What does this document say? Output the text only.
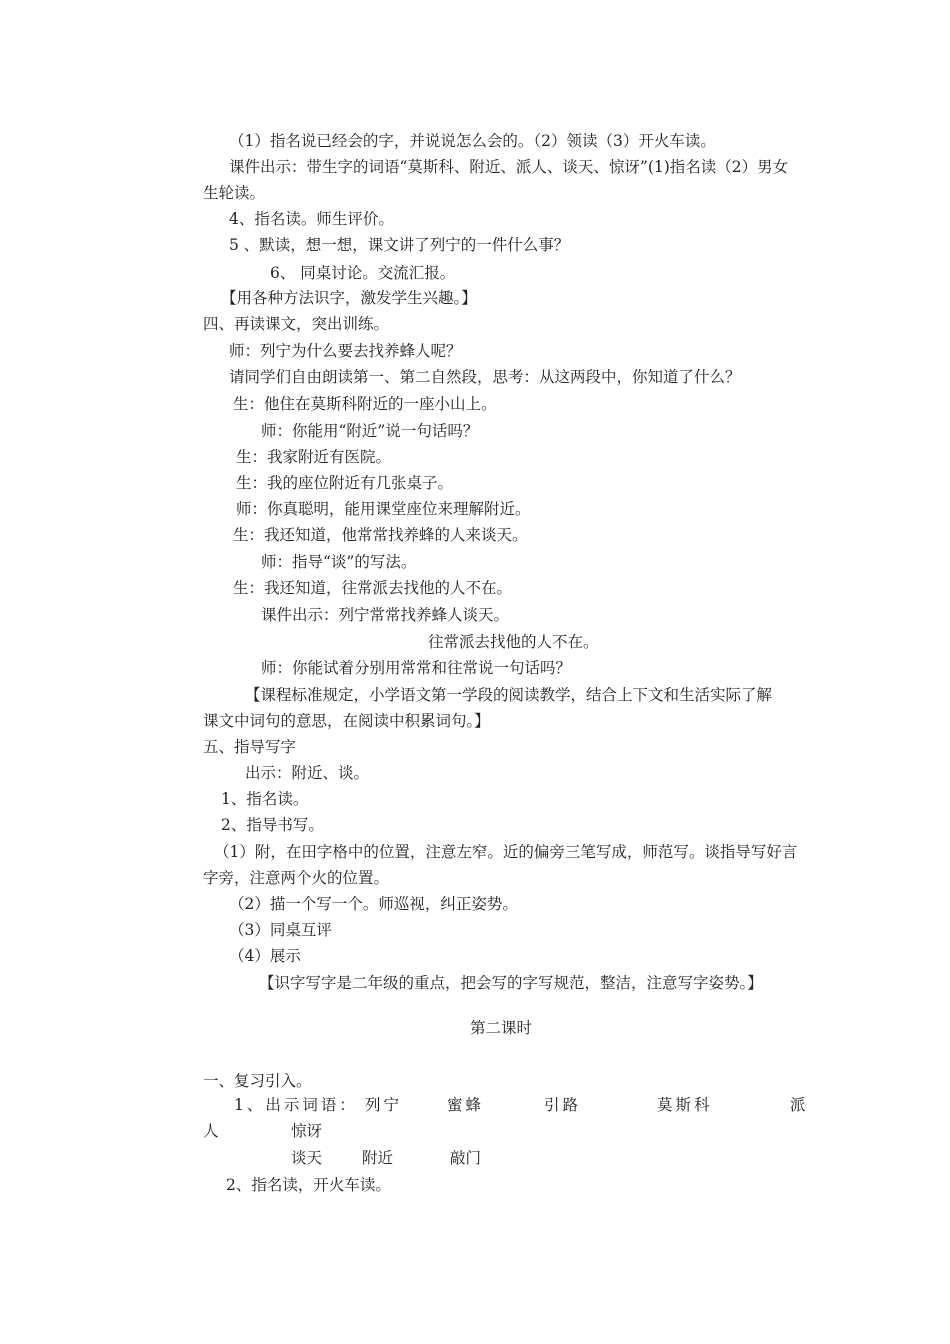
（1）指名说已经会的字，并说说怎么会的。（2）领读（3）开火车读。
课件出示：带生字的词语“莫斯科、附近、派人、谈天、惊讶”(1)指名读（2）男女
生轮读。
4、指名读。师生评价。
5 、默读，想一想，课文讲了列宁的一件什么事？
6、 同桌讨论。交流汇报。
【用各种方法识字，激发学生兴趣。】
四、再读课文，突出训练。
师：列宁为什么要去找养蜂人呢？
请同学们自由朗读第一、第二自然段，思考：从这两段中，你知道了什么？
生：他住在莫斯科附近的一座小山上。
师：你能用“附近”说一句话吗？
生：我家附近有医院。
生：我的座位附近有几张桌子。
师：你真聪明，能用课堂座位来理解附近。
生：我还知道，他常常找养蜂的人来谈天。
师：指导“谈”的写法。
生：我还知道，往常派去找他的人不在。
课件出示：列宁常常找养蜂人谈天。
往常派去找他的人不在。
师：你能试着分别用常常和往常说一句话吗？
【课程标准规定，小学语文第一学段的阅读教学，结合上下文和生活实际了解
课文中词句的意思，在阅读中积累词句。】
五、指导写字
出示：附近、谈。
1、指名读。
2、指导书写。
（1）附，在田字格中的位置，注意左窄。近的偏旁三笔写成，师范写。谈指导写好言
字旁，注意两个火的位置。
（2）描一个写一个。师巡视，纠正姿势。
（3）同桌互评
（4）展示
【识字写字是二年级的重点，把会写的字写规范，整洁，注意写字姿势。】
第二课时
一、复习引入。
1、出示词语： 列宁	蜜蜂	引路	莫斯科	派
人	惊讶
谈天	附近	敲门
2、指名读，开火车读。
